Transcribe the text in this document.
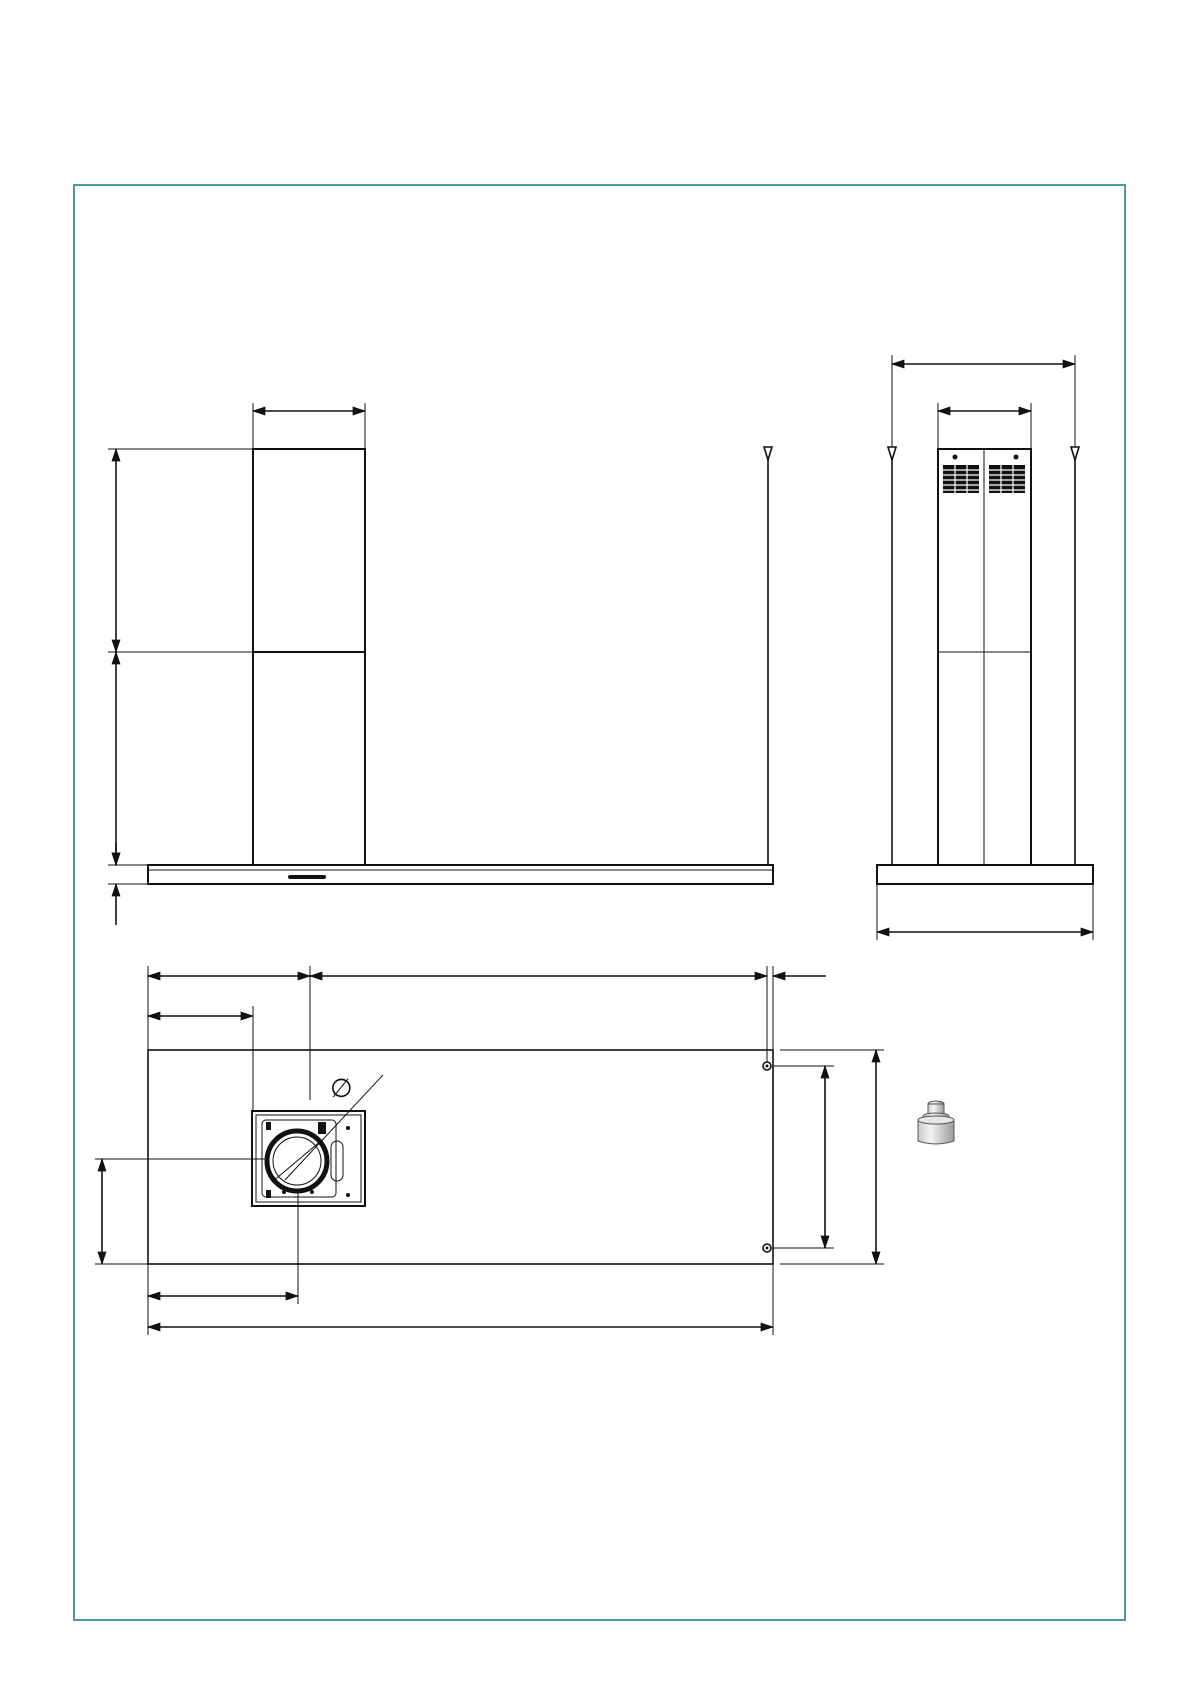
∅
